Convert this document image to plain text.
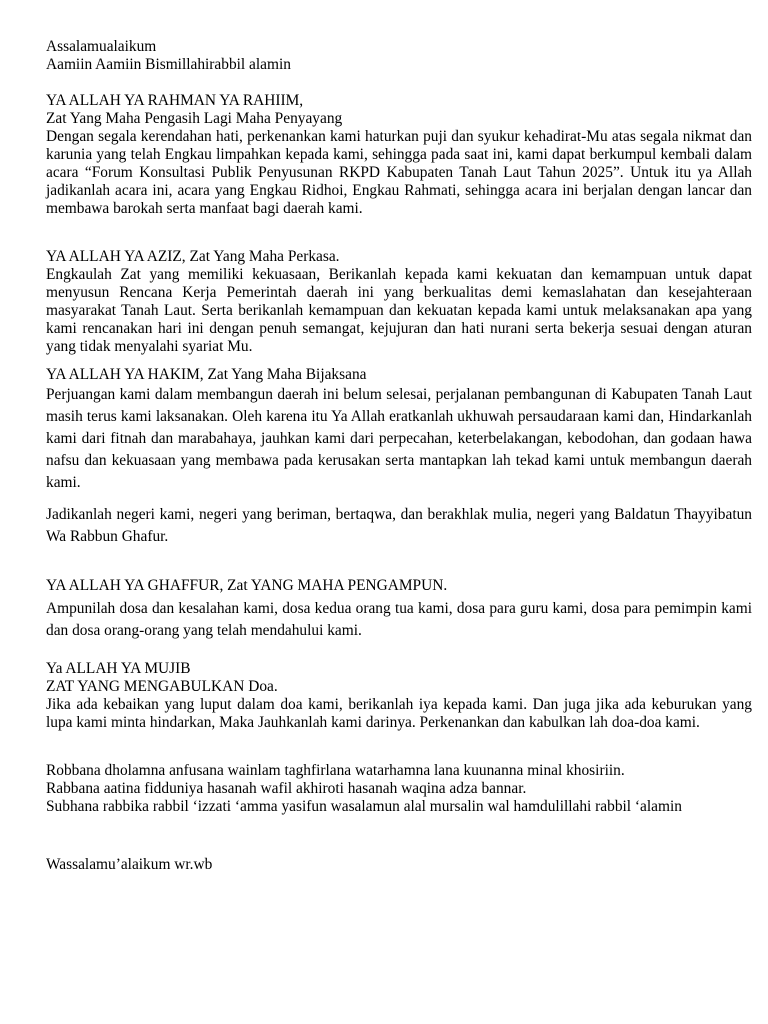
Assalamualaikum
Aamiin Aamiin Bismillahirabbil alamin
YA ALLAH YA RAHMAN YA RAHIIM,
Zat Yang Maha Pengasih Lagi Maha Penyayang

Dengan segala kerendahan hati, perkenankan kami haturkan puji dan syukur kehadirat-Mu atas segala nikmat dan karunia yang telah Engkau limpahkan kepada kami, sehingga pada saat ini, kami dapat berkumpul kembali dalam acara “Forum Konsultasi Publik Penyusunan RKPD Kabupaten Tanah Laut Tahun 2025”. Untuk itu ya Allah jadikanlah acara ini, acara yang Engkau Ridhoi, Engkau Rahmati, sehingga acara ini berjalan dengan lancar dan membawa barokah serta manfaat bagi daerah kami.

YA ALLAH YA AZIZ, Zat Yang Maha Perkasa.

Engkaulah Zat yang memiliki kekuasaan, Berikanlah kepada kami kekuatan dan kemampuan untuk dapat menyusun Rencana Kerja Pemerintah daerah ini yang berkualitas demi kemaslahatan dan kesejahteraan masyarakat Tanah Laut. Serta berikanlah kemampuan dan kekuatan kepada kami untuk melaksanakan apa yang kami rencanakan hari ini dengan penuh semangat, kejujuran dan hati nurani serta bekerja sesuai dengan aturan yang tidak menyalahi syariat Mu.

YA ALLAH YA HAKIM, Zat Yang Maha Bijaksana

Perjuangan kami dalam membangun daerah ini belum selesai, perjalanan pembangunan di Kabupaten Tanah Laut masih terus kami laksanakan. Oleh karena itu Ya Allah eratkanlah ukhuwah persaudaraan kami dan, Hindarkanlah kami dari fitnah dan marabahaya, jauhkan kami dari perpecahan, keterbelakangan, kebodohan, dan godaan hawa nafsu dan kekuasaan yang membawa pada kerusakan serta mantapkan lah tekad kami untuk membangun daerah kami.

Jadikanlah negeri kami, negeri yang beriman, bertaqwa, dan berakhlak mulia, negeri yang Baldatun Thayyibatun Wa Rabbun Ghafur.

YA ALLAH YA GHAFFUR, Zat YANG MAHA PENGAMPUN.

Ampunilah dosa dan kesalahan kami, dosa kedua orang tua kami, dosa para guru kami, dosa para pemimpin kami dan dosa orang-orang yang telah mendahului kami.

Ya ALLAH YA MUJIB
ZAT YANG MENGABULKAN Doa.

Jika ada kebaikan yang luput dalam doa kami, berikanlah iya kepada kami. Dan juga jika ada keburukan yang lupa kami minta hindarkan, Maka Jauhkanlah kami darinya. Perkenankan dan kabulkan lah doa-doa kami.

Robbana dholamna anfusana wainlam taghfirlana watarhamna lana kuunanna minal khosiriin.
Rabbana aatina fidduniya hasanah wafil akhiroti hasanah waqina adza bannar.

Subhana rabbika rabbil ‘izzati ‘amma yasifun wasalamun alal mursalin wal hamdulillahi rabbil ‘alamin

Wassalamu’alaikum wr.wb
